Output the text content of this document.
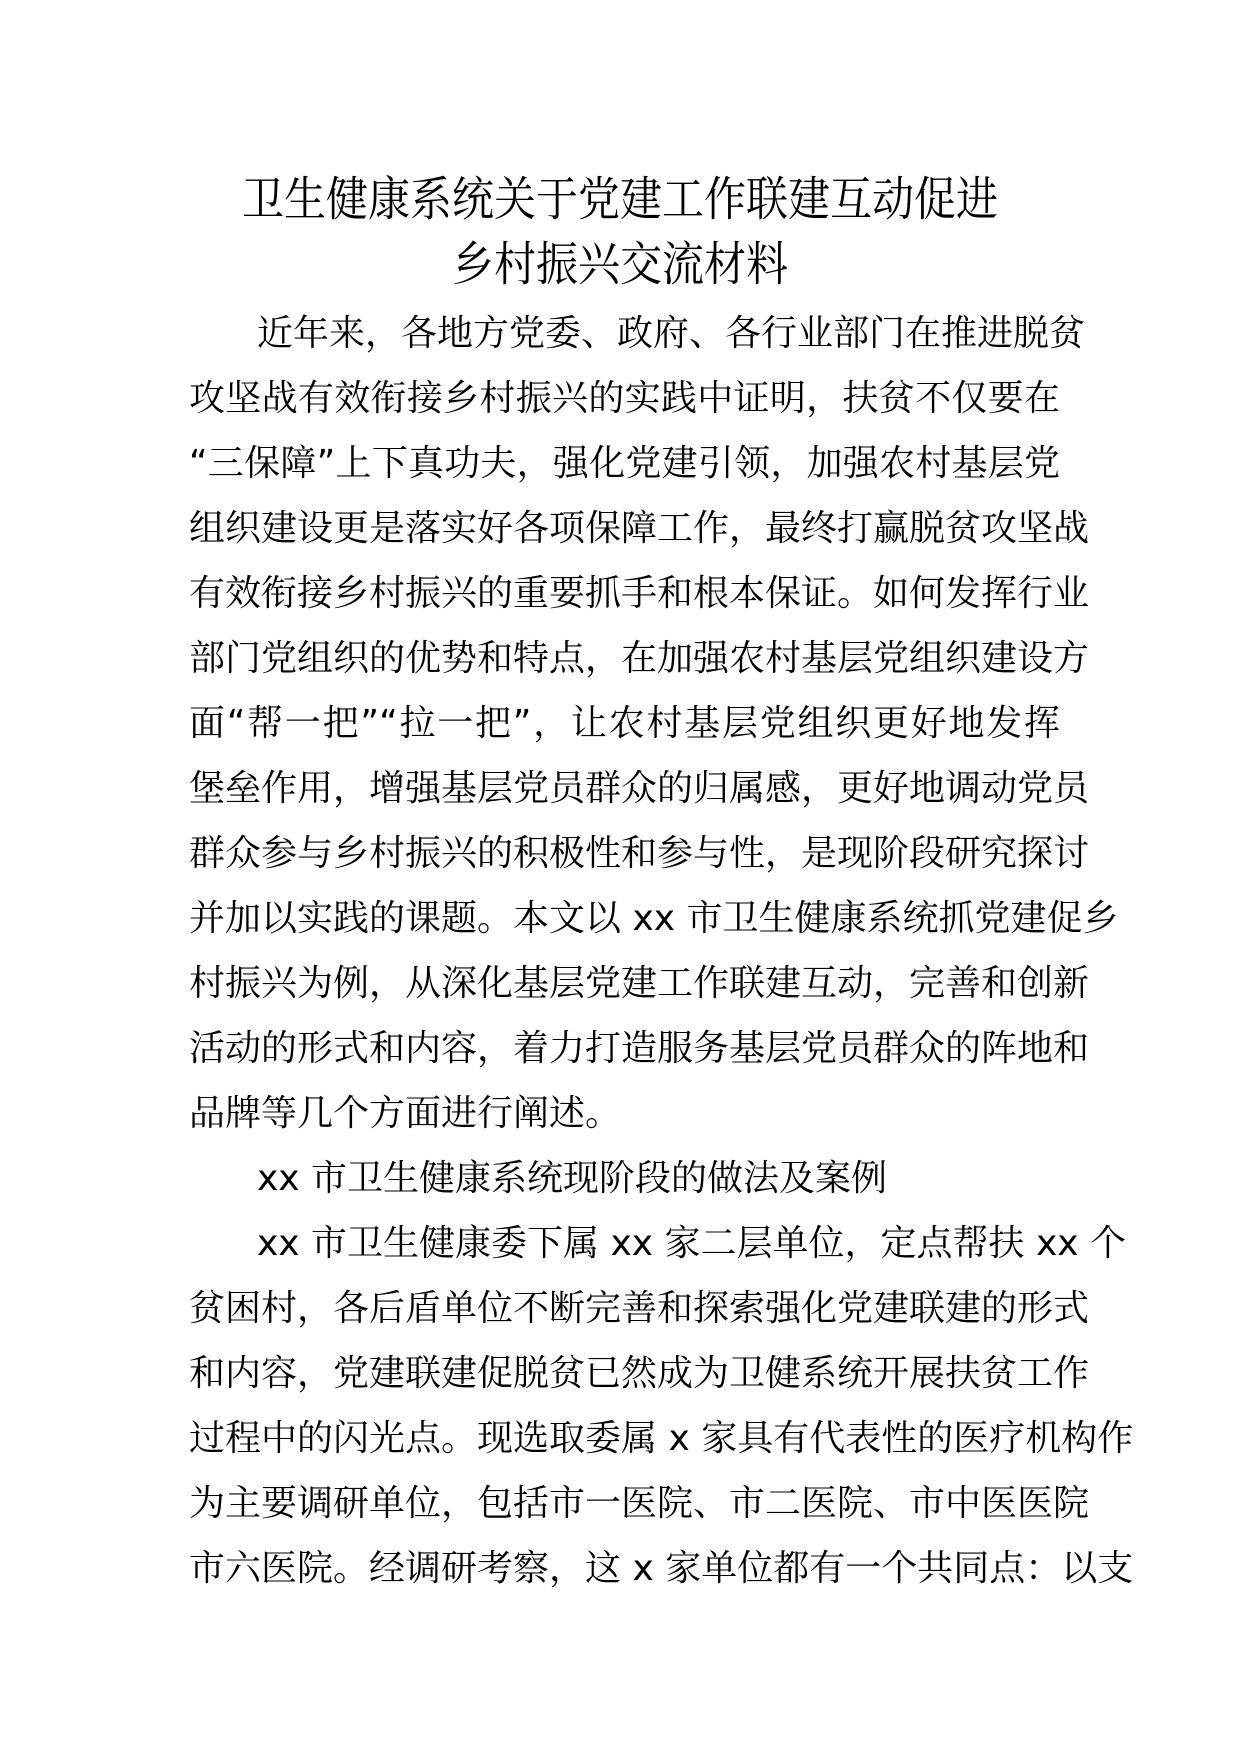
卫生健康系统关于党建工作联建互动促进
乡村振兴交流材料
近年来，各地方党委、政府、各行业部门在推进脱贫
攻坚战有效衔接乡村振兴的实践中证明，扶贫不仅要在
“三保障”上下真功夫，强化党建引领，加强农村基层党
组织建设更是落实好各项保障工作，最终打赢脱贫攻坚战
有效衔接乡村振兴的重要抓手和根本保证。如何发挥行业
部门党组织的优势和特点，在加强农村基层党组织建设方
面“帮一把”“拉一把”，让农村基层党组织更好地发挥
堡垒作用，增强基层党员群众的归属感，更好地调动党员
群众参与乡村振兴的积极性和参与性，是现阶段研究探讨
并加以实践的课题。本文以 xx 市卫生健康系统抓党建促乡
村振兴为例，从深化基层党建工作联建互动，完善和创新
活动的形式和内容，着力打造服务基层党员群众的阵地和
品牌等几个方面进行阐述。
xx 市卫生健康系统现阶段的做法及案例
xx 市卫生健康委下属 xx 家二层单位，定点帮扶 xx 个
贫困村，各后盾单位不断完善和探索强化党建联建的形式
和内容，党建联建促脱贫已然成为卫健系统开展扶贫工作
过程中的闪光点。现选取委属 x 家具有代表性的医疗机构作
为主要调研单位，包括市一医院、市二医院、市中医医院
市六医院。经调研考察，这 x 家单位都有一个共同点：以支
